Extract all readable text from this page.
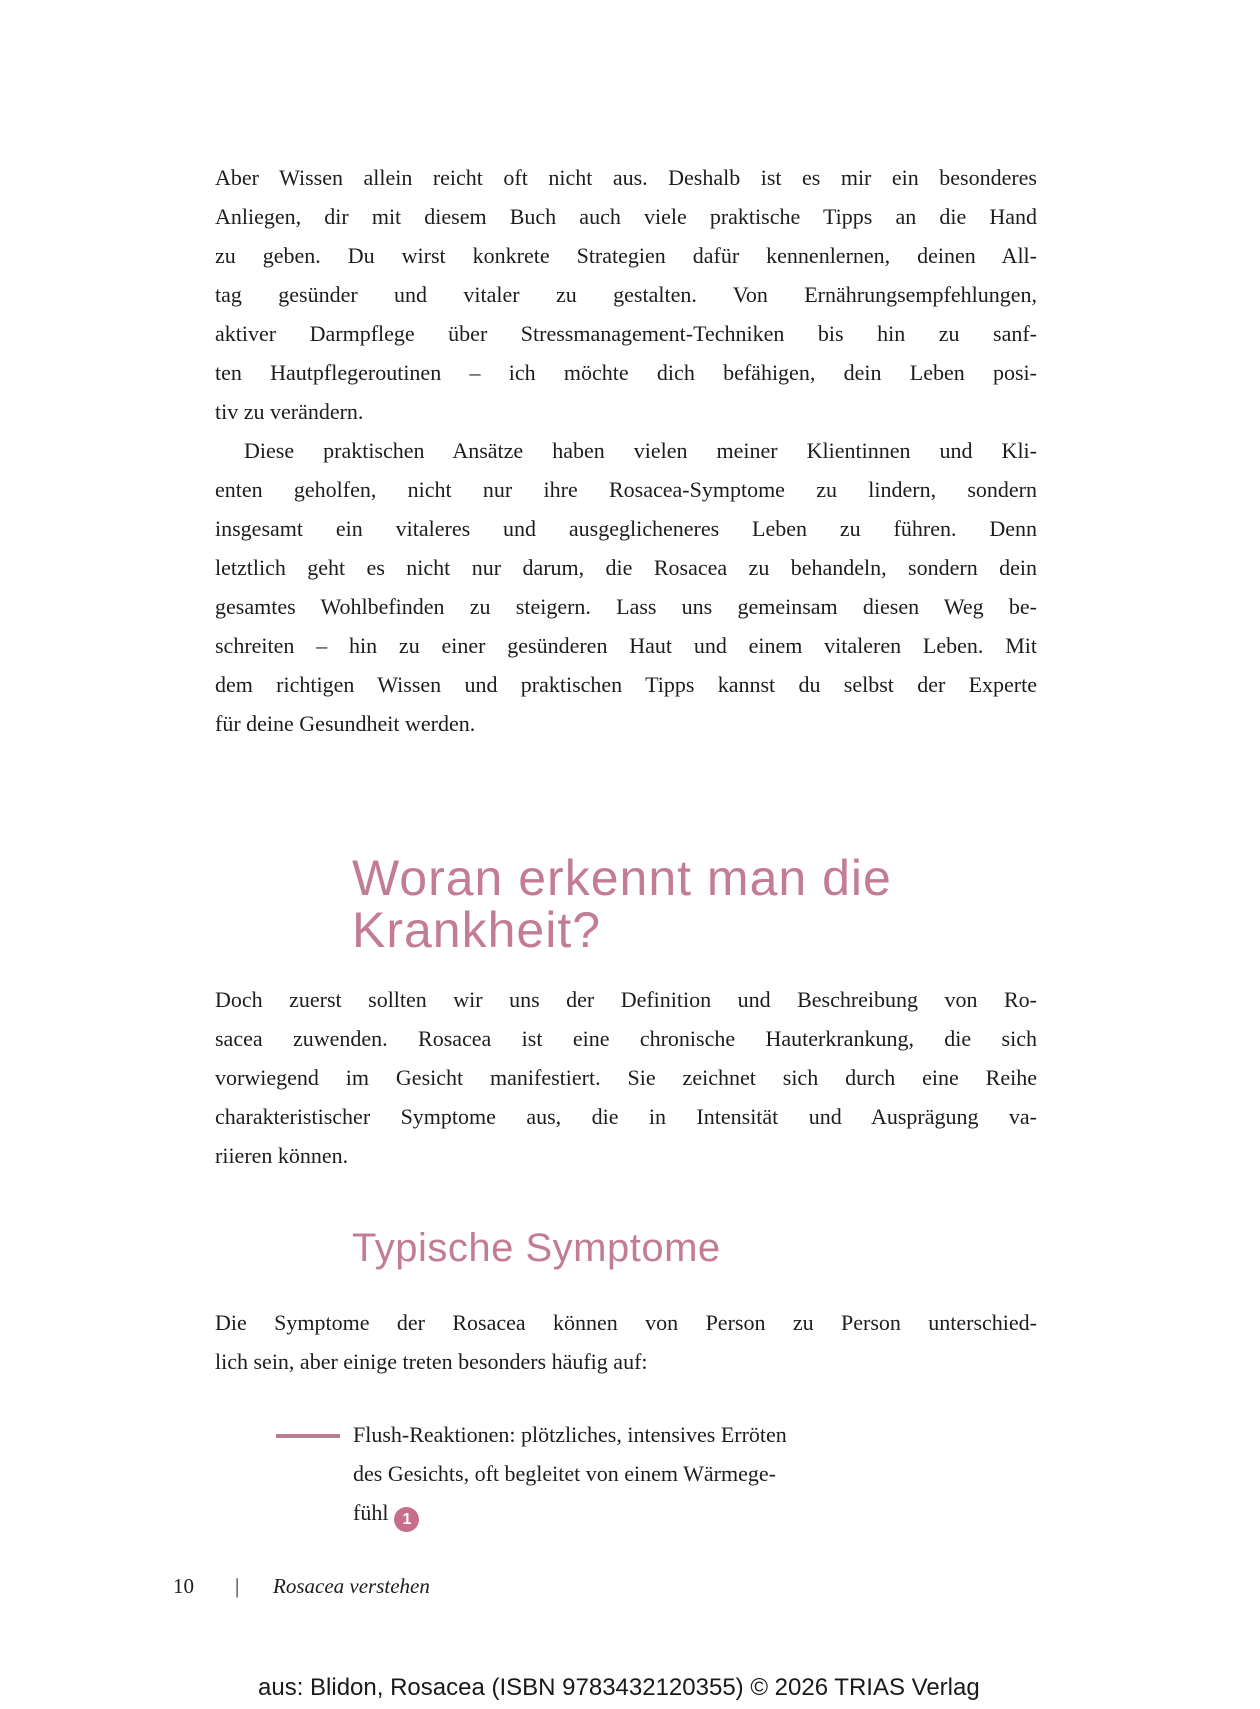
Aber Wissen allein reicht oft nicht aus. Deshalb ist es mir ein besonderes
Anliegen, dir mit diesem Buch auch viele praktische Tipps an die Hand
zu geben. Du wirst konkrete Strategien dafür kennenlernen, deinen All-
tag gesünder und vitaler zu gestalten. Von Ernährungsempfehlungen,
aktiver Darmpflege über Stressmanagement-Techniken bis hin zu sanf-
ten Hautpflegeroutinen – ich möchte dich befähigen, dein Leben posi-
tiv zu verändern.
Diese praktischen Ansätze haben vielen meiner Klientinnen und Kli-
enten geholfen, nicht nur ihre Rosacea-Symptome zu lindern, sondern
insgesamt ein vitaleres und ausgeglicheneres Leben zu führen. Denn
letztlich geht es nicht nur darum, die Rosacea zu behandeln, sondern dein
gesamtes Wohlbefinden zu steigern. Lass uns gemeinsam diesen Weg be-
schreiten – hin zu einer gesünderen Haut und einem vitaleren Leben. Mit
dem richtigen Wissen und praktischen Tipps kannst du selbst der Experte
für deine Gesundheit werden.
Woran erkennt man die
Krankheit?
Doch zuerst sollten wir uns der Definition und Beschreibung von Ro-
sacea zuwenden. Rosacea ist eine chronische Hauterkrankung, die sich
vorwiegend im Gesicht manifestiert. Sie zeichnet sich durch eine Reihe
charakteristischer Symptome aus, die in Intensität und Ausprägung va-
riieren können.
Typische Symptome
Die Symptome der Rosacea können von Person zu Person unterschied-
lich sein, aber einige treten besonders häufig auf:
Flush-Reaktionen: plötzliches, intensives Erröten
des Gesichts, oft begleitet von einem Wärmege-
fühl 1
10 | Rosacea verstehen
aus: Blidon, Rosacea (ISBN 9783432120355) © 2026 TRIAS Verlag
